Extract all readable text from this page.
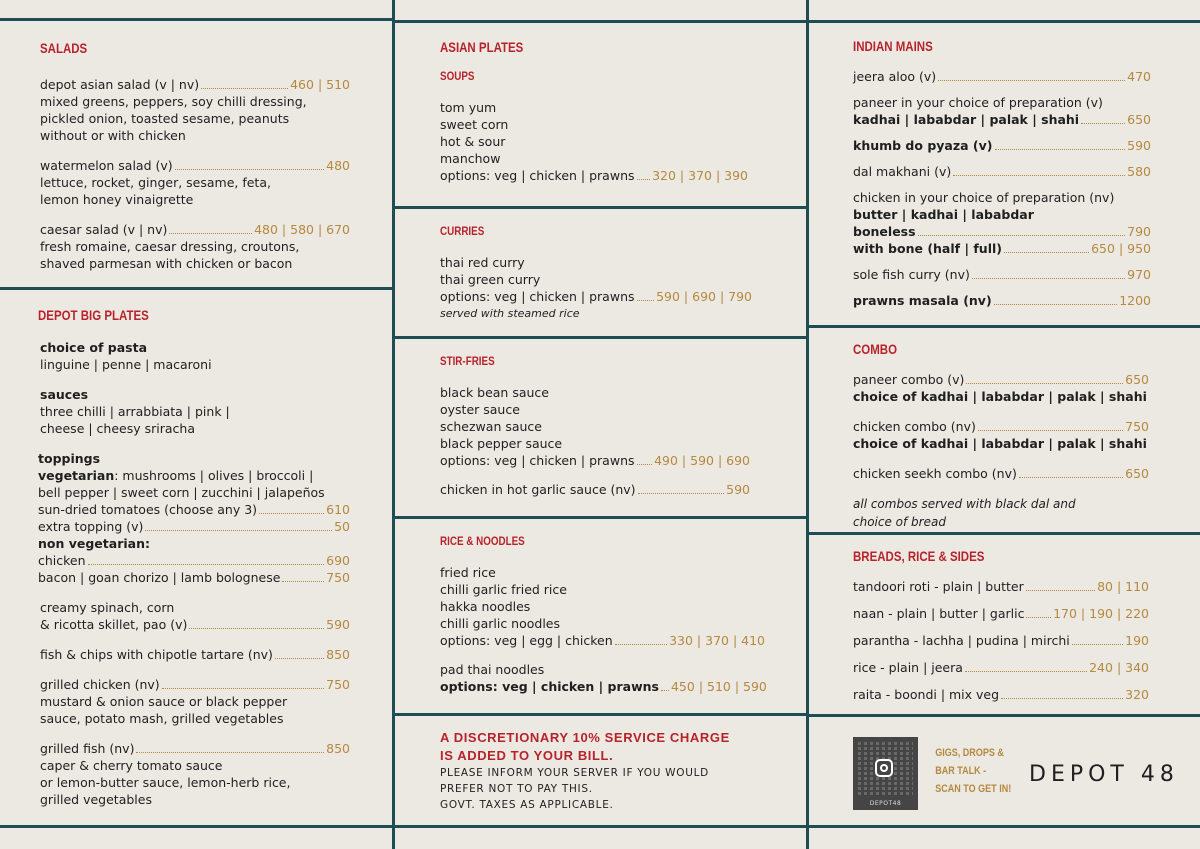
SALADS
depot asian salad (v | nv)	460 | 510
mixed greens, peppers, soy chilli dressing,
pickled onion, toasted sesame, peanuts
without or with chicken
watermelon salad (v)	480
lettuce, rocket, ginger, sesame, feta,
lemon honey vinaigrette
caesar salad (v | nv)	480 | 580 | 670
fresh romaine, caesar dressing, croutons,
shaved parmesan with chicken or bacon
DEPOT BIG PLATES
choice of pasta
linguine | penne | macaroni
sauces
three chilli | arrabbiata | pink |
cheese | cheesy sriracha
toppings
vegetarian: mushrooms | olives | broccoli |
bell pepper | sweet corn | zucchini | jalapeños
sun-dried tomatoes (choose any 3)	610
extra topping (v)	50
non vegetarian:
chicken	690
bacon | goan chorizo | lamb bolognese	750
creamy spinach, corn
& ricotta skillet, pao (v)	590
fish & chips with chipotle tartare (nv)	850
grilled chicken (nv)	750
mustard & onion sauce or black pepper
sauce, potato mash, grilled vegetables
grilled fish (nv)	850
caper & cherry tomato sauce
or lemon-butter sauce, lemon-herb rice,
grilled vegetables
ASIAN PLATES
SOUPS
tom yum
sweet corn
hot & sour
manchow
options: veg | chicken | prawns 320 | 370 | 390
CURRIES
thai red curry
thai green curry
options: veg | chicken | prawns 590 | 690 | 790
served with steamed rice
STIR-FRIES
black bean sauce
oyster sauce
schezwan sauce
black pepper sauce
options: veg | chicken | prawns 490 | 590 | 690
chicken in hot garlic sauce (nv)	590
RICE & NOODLES
fried rice
chilli garlic fried rice
hakka noodles
chilli garlic noodles
options: veg | egg | chicken	330 | 370 | 410
pad thai noodles
options: veg | chicken | prawns 450 | 510 | 590
A DISCRETIONARY 10% SERVICE CHARGE
IS ADDED TO YOUR BILL.
PLEASE INFORM YOUR SERVER IF YOU WOULD
PREFER NOT TO PAY THIS.
GOVT. TAXES AS APPLICABLE.
INDIAN MAINS
jeera aloo (v)	470
paneer in your choice of preparation (v)
kadhai | lababdar | palak | shahi	650
khumb do pyaza (v)	590
dal makhani (v)	580
chicken in your choice of preparation (nv)
butter | kadhai | lababdar
boneless	790
with bone (half | full)	650 | 950
sole fish curry (nv)	970
prawns masala (nv)	1200
COMBO
paneer combo (v)	650
choice of kadhai | lababdar | palak | shahi
chicken combo (nv)	750
choice of kadhai | lababdar | palak | shahi
chicken seekh combo (nv)	650
all combos served with black dal and
choice of bread
BREADS, RICE & SIDES
tandoori roti - plain | butter	80 | 110
naan - plain | butter | garlic 170 | 190 | 220
parantha - lachha | pudina | mirchi	190
rice - plain | jeera	240 | 340
raita - boondi | mix veg	320
DEPOT48
GIGS, DROPS &
BAR TALK -
SCAN TO GET IN!
DEPOT 48
